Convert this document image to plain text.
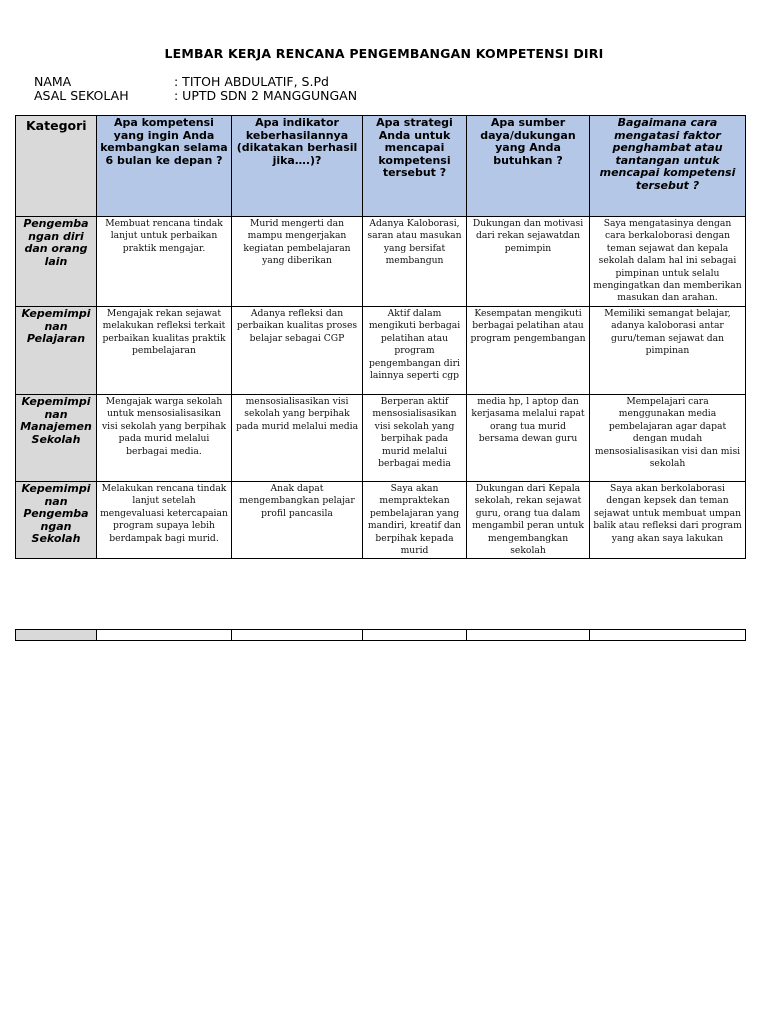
LEMBAR KERJA RENCANA PENGEMBANGAN KOMPETENSI DIRI
NAMA	: TITOH ABDULATIF, S.Pd
ASAL SEKOLAH	: UPTD SDN 2 MANGGUNGAN
Kategori	Apa kompetensi yang ingin Anda kembangkan selama 6 bulan ke depan ?	Apa indikator keberhasilannya (dikatakan berhasil jika….)?	Apa strategi Anda untuk mencapai kompetensi tersebut ?	Apa sumber daya/dukungan yang Anda butuhkan ?	Bagaimana cara mengatasi faktor penghambat atau tantangan untuk mencapai kompetensi tersebut ?
Pengemba ngan diri dan orang lain	Membuat rencana tindak lanjut untuk perbaikan praktik mengajar.	Murid mengerti dan mampu mengerjakan kegiatan pembelajaran yang diberikan	Adanya Kaloborasi, saran atau masukan yang bersifat membangun	Dukungan dan motivasi dari rekan sejawatdan pemimpin	Saya mengatasinya dengan cara berkaloborasi dengan teman sejawat dan kepala sekolah dalam hal ini sebagai pimpinan untuk selalu mengingatkan dan memberikan masukan dan arahan.
Kepemimpi nan Pelajaran	Mengajak rekan sejawat melakukan refleksi terkait perbaikan kualitas praktik pembelajaran	Adanya refleksi dan perbaikan kualitas proses belajar sebagai CGP	Aktif dalam mengikuti berbagai pelatihan atau program pengembangan diri lainnya seperti cgp	Kesempatan mengikuti berbagai pelatihan atau program pengembangan	Memiliki semangat belajar, adanya kaloborasi antar guru/teman sejawat dan pimpinan
Kepemimpi nan Manajemen Sekolah	Mengajak warga sekolah untuk mensosialisasikan visi sekolah yang berpihak pada murid melalui berbagai media.	mensosialisasikan visi sekolah yang berpihak pada murid melalui media	Berperan aktif mensosialisasikan visi sekolah yang berpihak pada murid melalui berbagai media	media hp, l aptop dan kerjasama melalui rapat orang tua murid bersama dewan guru	Mempelajari cara menggunakan media pembelajaran agar dapat dengan mudah mensosialisasikan visi dan misi sekolah
Kepemimpi nan Pengemba ngan Sekolah	Melakukan rencana tindak lanjut setelah mengevaluasi ketercapaian program supaya lebih berdampak bagi murid.	Anak dapat mengembangkan pelajar profil pancasila	Saya akan mempraktekan pembelajaran yang mandiri, kreatif dan berpihak kepada murid	Dukungan dari Kepala sekolah, rekan sejawat guru, orang tua dalam mengambil peran untuk mengembangkan sekolah	Saya akan berkolaborasi dengan kepsek dan teman sejawat untuk membuat umpan balik atau refleksi dari program yang akan saya lakukan
